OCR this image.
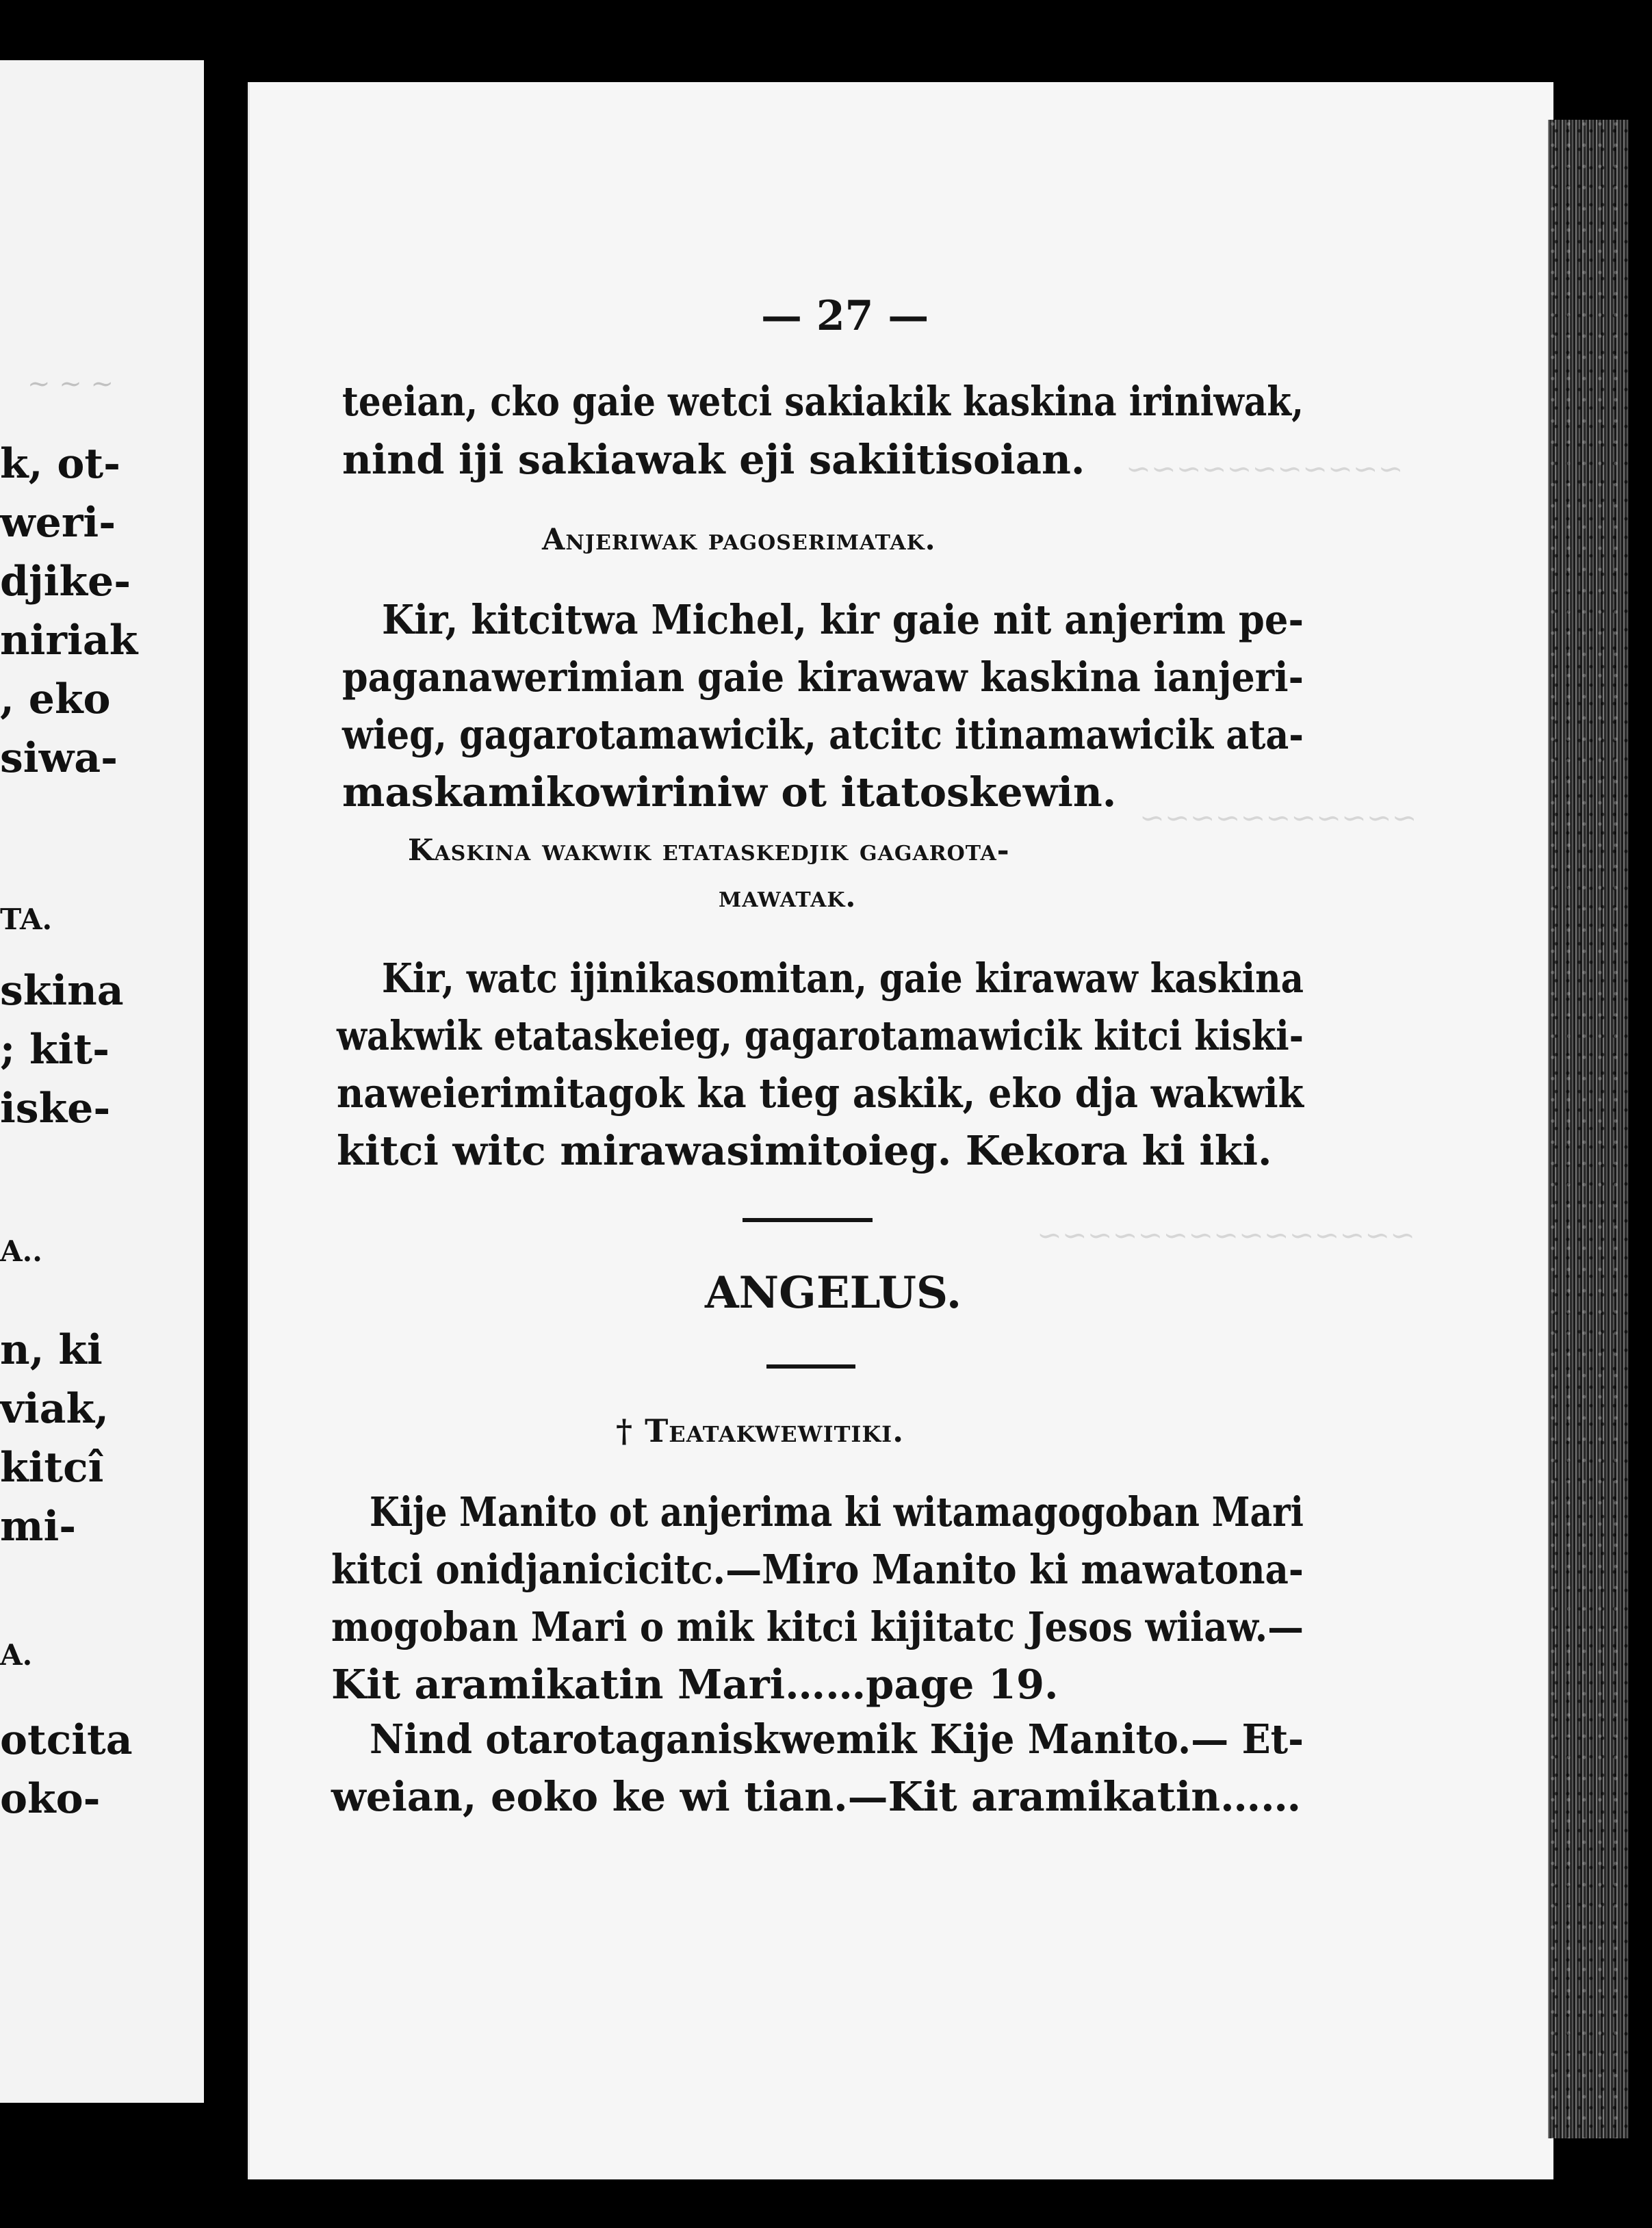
~ ~ ~
k, ot-
weri-
djike-
niriak
, eko
siwa-
TA.
skina
; kit-
iske-
A..
n, ki
viak,
kitcî
mi-
A.
otcita
oko-
~~~~~~~~~~~
~~~~~~~~~~~
~~~~~~~~~~~~~~~
— 27 —
teeian, cko gaie wetci sakiakik kaskina iriniwak,
nind iji sakiawak eji sakiitisoian.
Anjeriwak pagoserimatak.
Kir, kitcitwa Michel, kir gaie nit anjerim pe-
paganawerimian gaie kirawaw kaskina ianjeri-
wieg, gagarotamawicik, atcitc itinamawicik ata-
maskamikowiriniw ot itatoskewin.
Kaskina wakwik etataskedjik gagarota-
mawatak.
Kir, watc ijinikasomitan, gaie kirawaw kaskina
wakwik etataskeieg, gagarotamawicik kitci kiski-
naweierimitagok ka tieg askik, eko dja wakwik
kitci witc mirawasimitoieg. Kekora ki iki.
ANGELUS.
† Teatakwewitiki.
Kije Manito ot anjerima ki witamagogoban Mari
kitci onidjanicicitc.—Miro Manito ki mawatona-
mogoban Mari o mik kitci kijitatc Jesos wiiaw.—
Kit aramikatin Mari……page 19.
Nind otarotaganiskwemik Kije Manito.— Et-
weian, eoko ke wi tian.—Kit aramikatin……
